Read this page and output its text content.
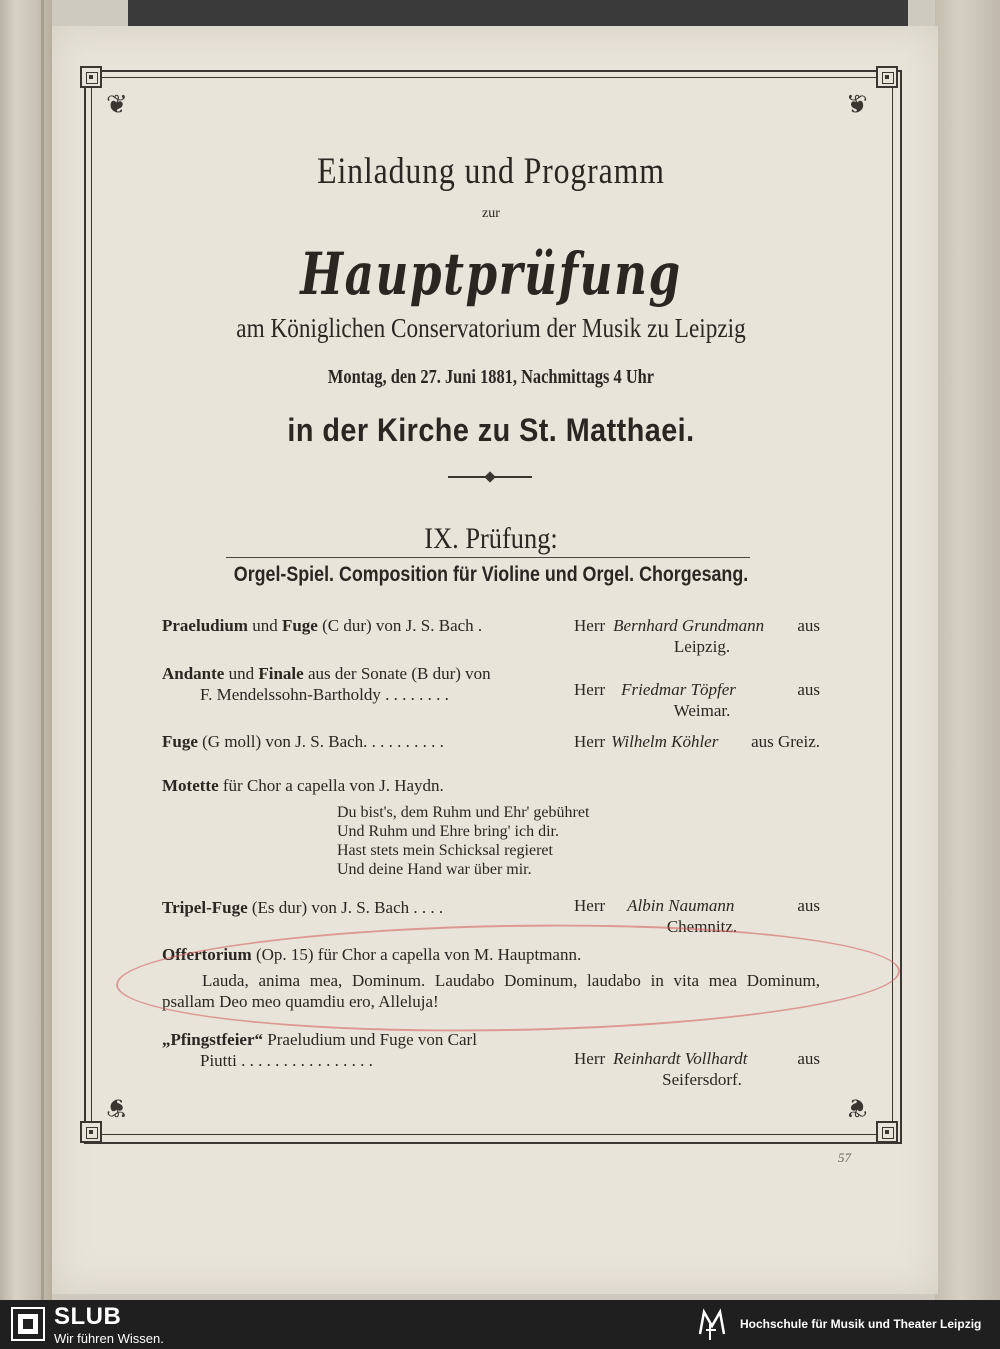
❦	❦
❦	❦
Einladung und Programm
zur
Hauptprüfung
am Königlichen Conservatorium der Musik zu Leipzig
Montag, den 27. Juni 1881, Nachmittags 4 Uhr
in der Kirche zu St. Matthaei.
IX. Prüfung:
Orgel-Spiel. Composition für Violine und Orgel. Chorgesang.
Praeludium und Fuge (C dur) von J. S. Bach .	Herr Bernhard Grundmann aus
Leipzig.
Andante und Finale aus der Sonate (B dur) von
F. Mendelssohn-Bartholdy . . . . . . . .	Herr Friedmar Töpfer	aus
Weimar.
Fuge (G moll) von J. S. Bach. . . . . . . . . .	Herr Wilhelm Köhler aus Greiz.
Motette für Chor a capella von J. Haydn.
Du bist's, dem Ruhm und Ehr' gebühret
Und Ruhm und Ehre bring' ich dir.
Hast stets mein Schicksal regieret
Und deine Hand war über mir.
Tripel-Fuge (Es dur) von J. S. Bach . . . .	Herr Albin Naumann	aus
Chemnitz.
Offertorium (Op. 15) für Chor a capella von M. Hauptmann.
Lauda, anima mea, Dominum. Laudabo Dominum, laudabo in vita mea Dominum, psallam Deo meo quamdiu ero, Alleluja!
„Pfingstfeier“ Praeludium und Fuge von Carl
Piutti . . . . . . . . . . . . . . . .	Herr Reinhardt Vollhardt	aus
Seifersdorf.
57
SLUB
Wir führen Wissen.
Hochschule für Musik und Theater Leipzig
